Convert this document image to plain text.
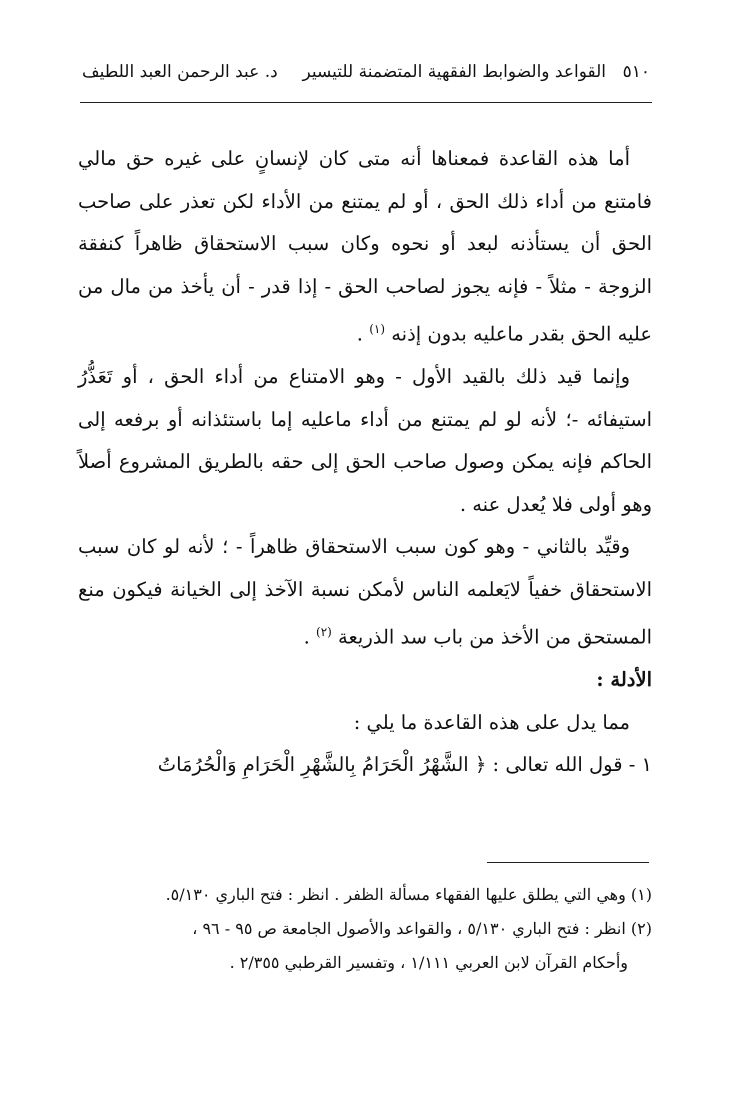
٥١٠
القواعد والضوابط الفقهية المتضمنة للتيسير
د. عبد الرحمن العبد اللطيف

أما هذه القاعدة فمعناها أنه متى كان لإنسانٍ على غيره حق مالي فامتنع من أداء ذلك الحق ، أو لم يمتنع من الأداء لكن تعذر على صاحب الحق أن يستأذنه لبعد أو نحوه وكان سبب الاستحقاق ظاهراً كنفقة الزوجة - مثلاً - فإنه يجوز لصاحب الحق - إذا قدر - أن يأخذ من مال من عليه الحق بقدر ماعليه بدون إذنه $^{(١)}$ .

وإنما قيد ذلك بالقيد الأول - وهو الامتناع من أداء الحق ، أو تَعَذُّرُ استيفائه -؛ لأنه لو لم يمتنع من أداء ماعليه إما باستئذانه أو برفعه إلى الحاكم فإنه يمكن وصول صاحب الحق إلى حقه بالطريق المشروع أصلاً وهو أولى فلا يُعدل عنه .

وقيِّد بالثاني - وهو كون سبب الاستحقاق ظاهراً - ؛ لأنه لو كان سبب الاستحقاق خفياً لايَعلمه الناس لأمكن نسبة الآخذ إلى الخيانة فيكون منع المستحق من الأخذ من باب سد الذريعة $^{(٢)}$ .

الأدلة :

مما يدل على هذه القاعدة ما يلي :

١ - قول الله تعالى : ﴿ الشَّهْرُ الْحَرَامُ بِالشَّهْرِ الْحَرَامِ وَالْحُرُمَاتُ

(١) وهي التي يطلق عليها الفقهاء مسألة الظفر . انظر : فتح الباري ٥/١٣٠.

(٢) انظر : فتح الباري ٥/١٣٠ ، والقواعد والأصول الجامعة ص ٩٥ - ٩٦ ،

وأحكام القرآن لابن العربي ١/١١١ ، وتفسير القرطبي ٢/٣٥٥ .
